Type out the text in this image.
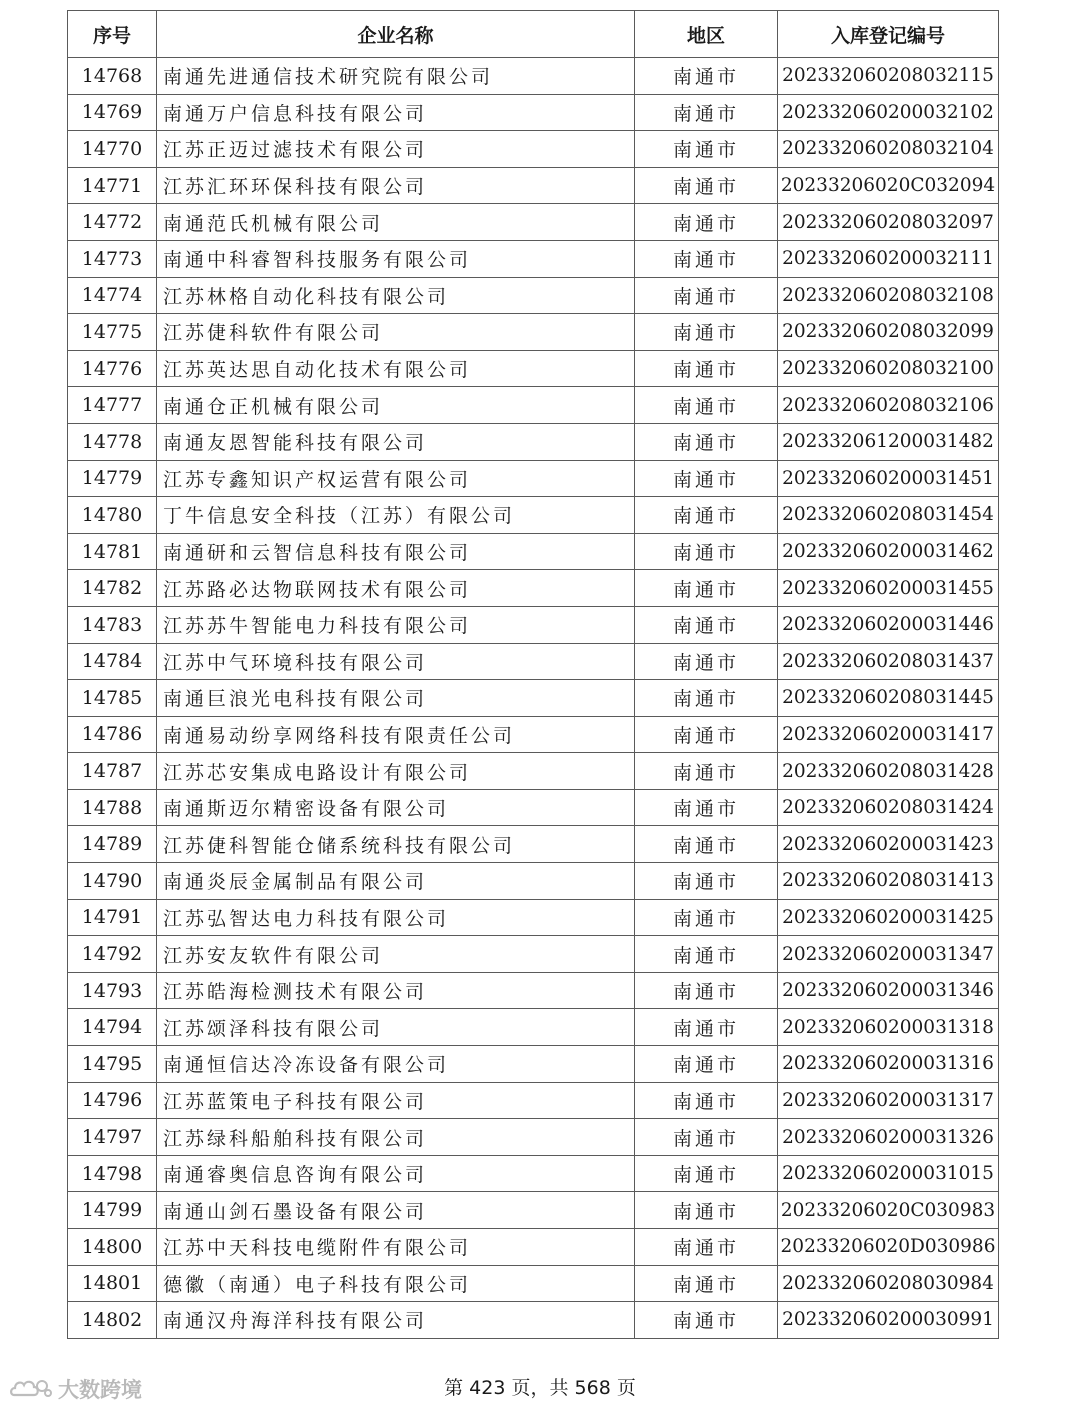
序号	企业名称	地区	入库登记编号
14768	南通先进通信技术研究院有限公司	南通市	202332060208032115
14769	南通万户信息科技有限公司	南通市	202332060200032102
14770	江苏正迈过滤技术有限公司	南通市	202332060208032104
14771	江苏汇环环保科技有限公司	南通市	20233206020C032094
14772	南通范氏机械有限公司	南通市	202332060208032097
14773	南通中科睿智科技服务有限公司	南通市	202332060200032111
14774	江苏林格自动化科技有限公司	南通市	202332060208032108
14775	江苏倢科软件有限公司	南通市	202332060208032099
14776	江苏英达思自动化技术有限公司	南通市	202332060208032100
14777	南通仓正机械有限公司	南通市	202332060208032106
14778	南通友恩智能科技有限公司	南通市	202332061200031482
14779	江苏专鑫知识产权运营有限公司	南通市	202332060200031451
14780	丁牛信息安全科技（江苏）有限公司	南通市	202332060208031454
14781	南通研和云智信息科技有限公司	南通市	202332060200031462
14782	江苏路必达物联网技术有限公司	南通市	202332060200031455
14783	江苏苏牛智能电力科技有限公司	南通市	202332060200031446
14784	江苏中气环境科技有限公司	南通市	202332060208031437
14785	南通巨浪光电科技有限公司	南通市	202332060208031445
14786	南通易动纷享网络科技有限责任公司	南通市	202332060200031417
14787	江苏芯安集成电路设计有限公司	南通市	202332060208031428
14788	南通斯迈尔精密设备有限公司	南通市	202332060208031424
14789	江苏倢科智能仓储系统科技有限公司	南通市	202332060200031423
14790	南通炎辰金属制品有限公司	南通市	202332060208031413
14791	江苏弘智达电力科技有限公司	南通市	202332060200031425
14792	江苏安友软件有限公司	南通市	202332060200031347
14793	江苏皓海检测技术有限公司	南通市	202332060200031346
14794	江苏颂泽科技有限公司	南通市	202332060200031318
14795	南通恒信达冷冻设备有限公司	南通市	202332060200031316
14796	江苏蓝策电子科技有限公司	南通市	202332060200031317
14797	江苏绿科船舶科技有限公司	南通市	202332060200031326
14798	南通睿奥信息咨询有限公司	南通市	202332060200031015
14799	南通山剑石墨设备有限公司	南通市	20233206020C030983
14800	江苏中天科技电缆附件有限公司	南通市	20233206020D030986
14801	德徽（南通）电子科技有限公司	南通市	202332060208030984
14802	南通汉舟海洋科技有限公司	南通市	202332060200030991
大数跨境	第 423 页，共 568 页
